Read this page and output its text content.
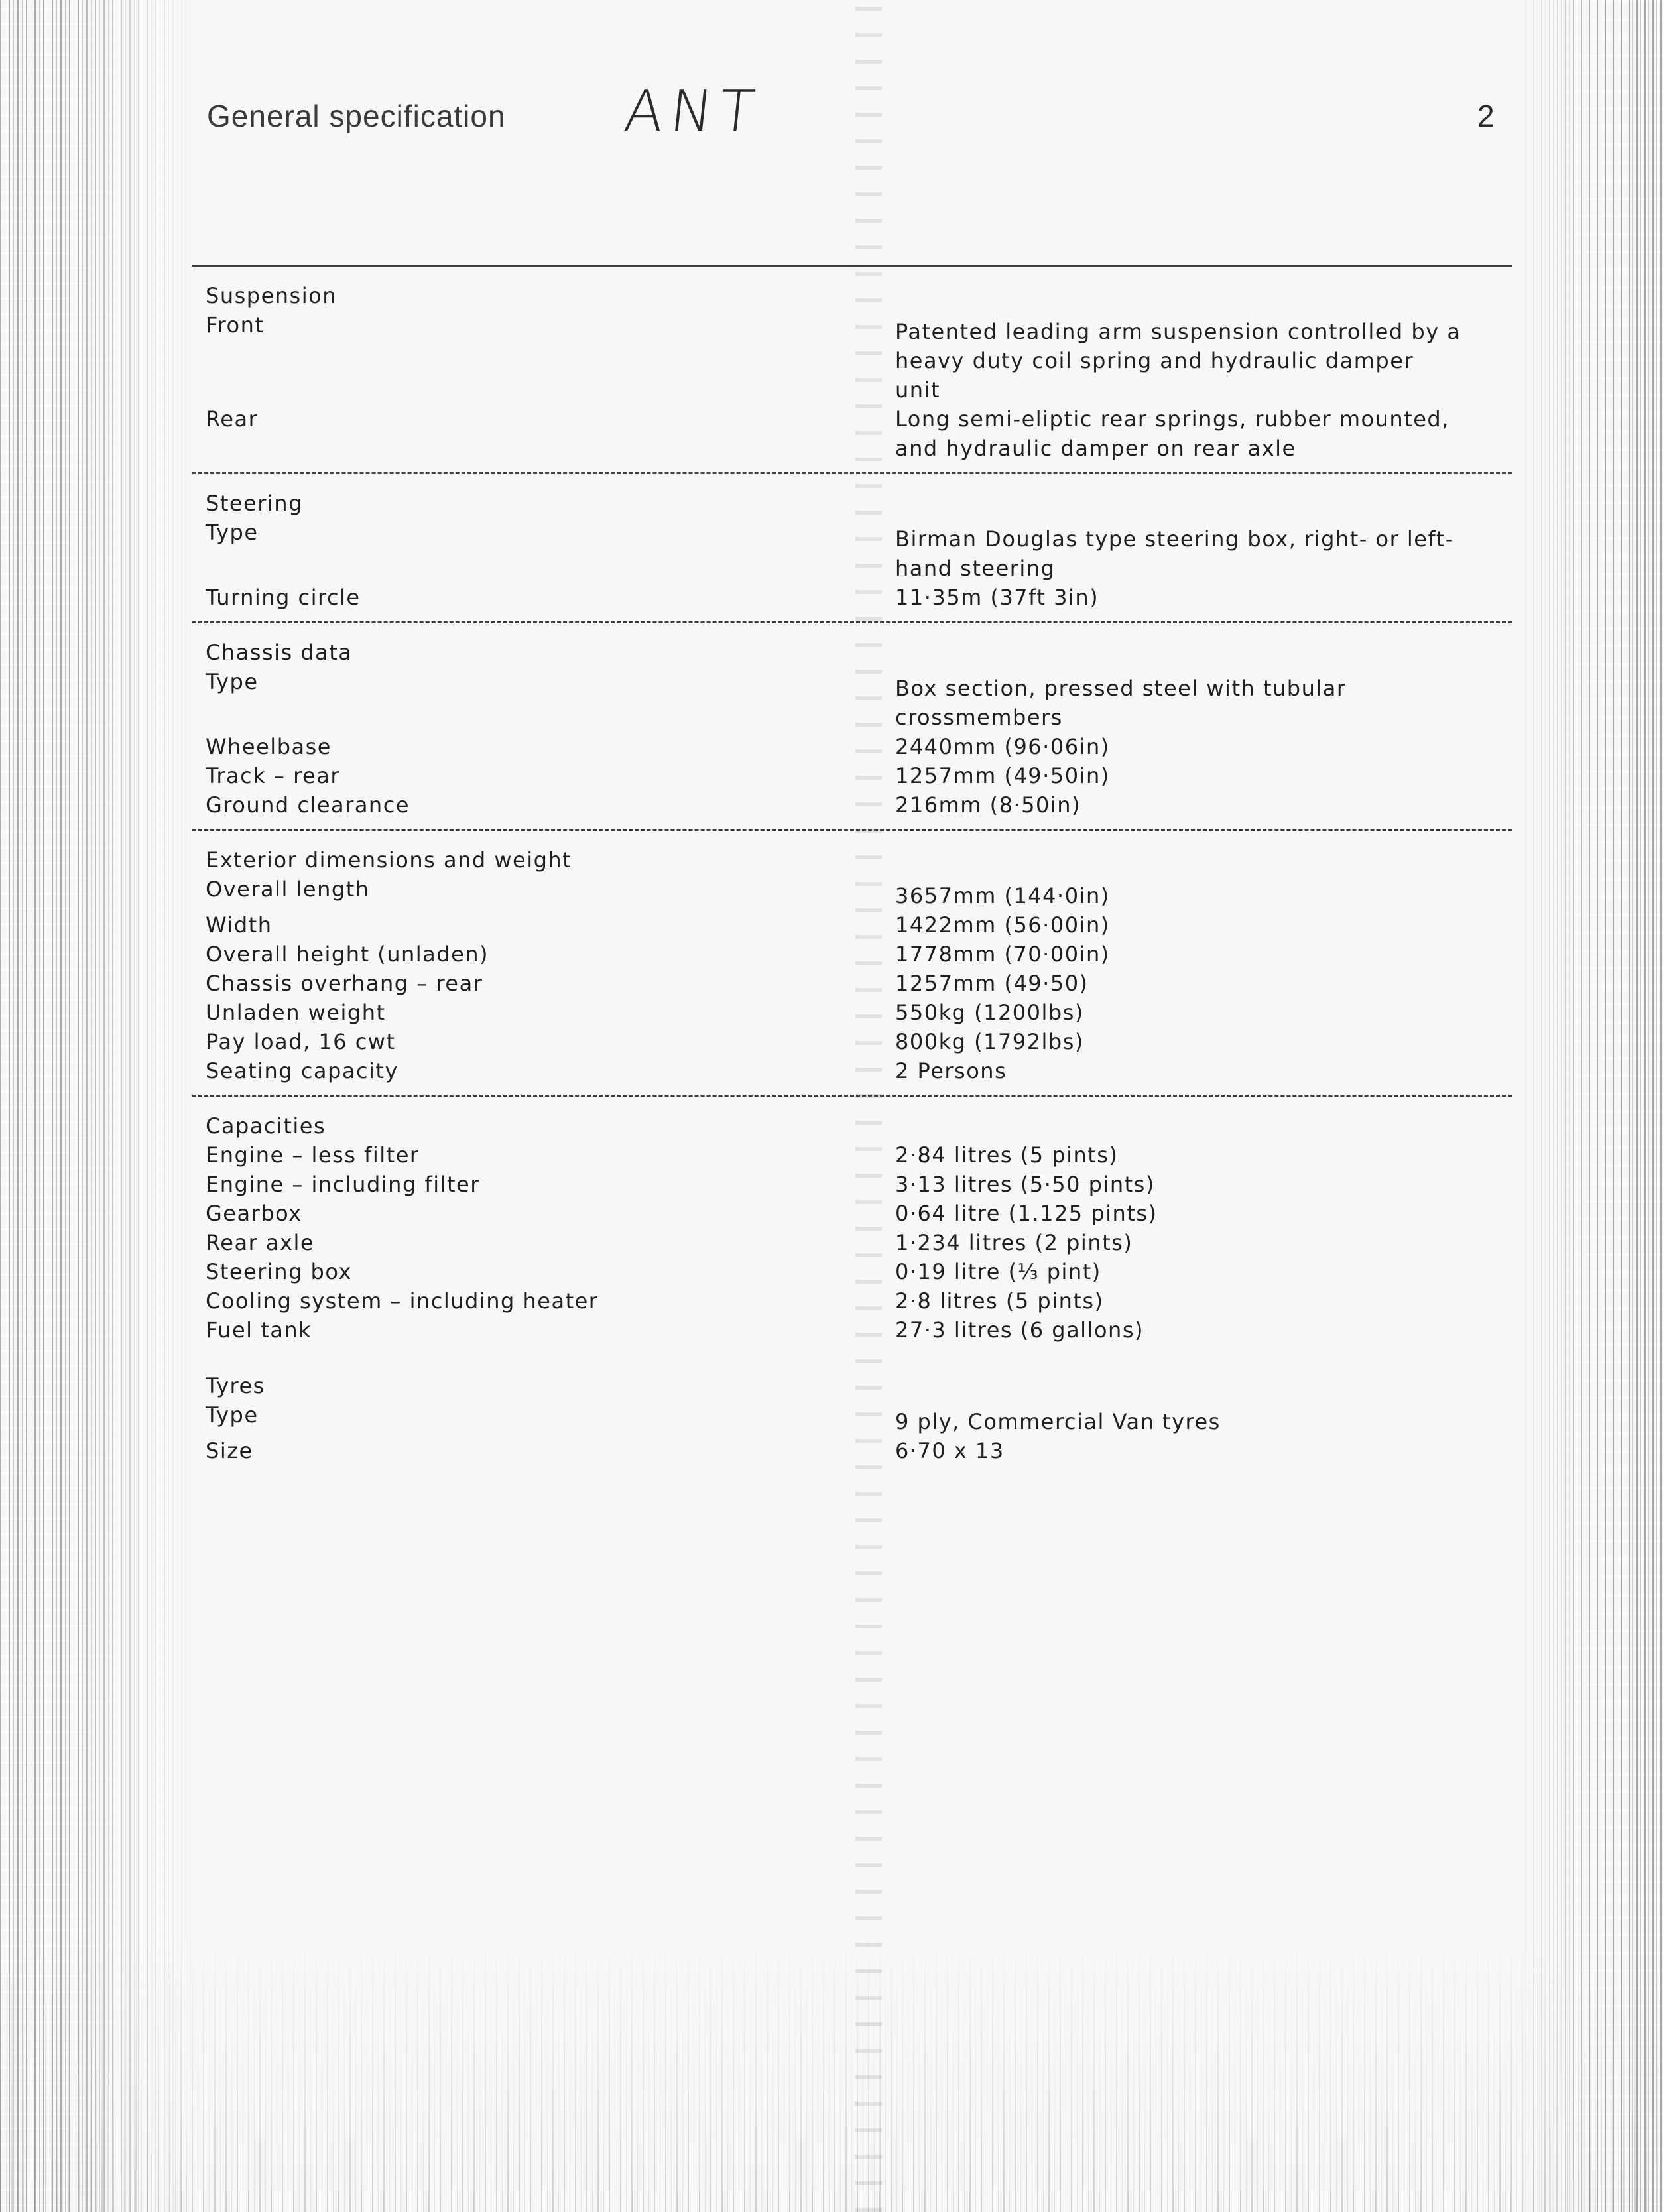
General specification ANT	2
Suspension
Front	Patented leading arm suspension controlled by a heavy duty coil spring and hydraulic damper unit
Rear	Long semi-eliptic rear springs, rubber mounted, and hydraulic damper on rear axle
Steering
Type	Birman Douglas type steering box, right- or left-hand steering
Turning circle	11·35m (37ft 3in)
Chassis data
Type	Box section, pressed steel with tubular crossmembers
Wheelbase	2440mm (96·06in)
Track – rear	1257mm (49·50in)
Ground clearance	216mm (8·50in)
Exterior dimensions and weight
Overall length	3657mm (144·0in)
Width	1422mm (56·00in)
Overall height (unladen)	1778mm (70·00in)
Chassis overhang – rear	1257mm (49·50)
Unladen weight	550kg (1200lbs)
Pay load, 16 cwt	800kg (1792lbs)
Seating capacity	2 Persons
Capacities
Engine – less filter	2·84 litres (5 pints)
Engine – including filter	3·13 litres (5·50 pints)
Gearbox	0·64 litre (1.125 pints)
Rear axle	1·234 litres (2 pints)
Steering box	0·19 litre (⅓ pint)
Cooling system – including heater	2·8 litres (5 pints)
Fuel tank	27·3 litres (6 gallons)
Tyres
Type	9 ply, Commercial Van tyres
Size	6·70 x 13
